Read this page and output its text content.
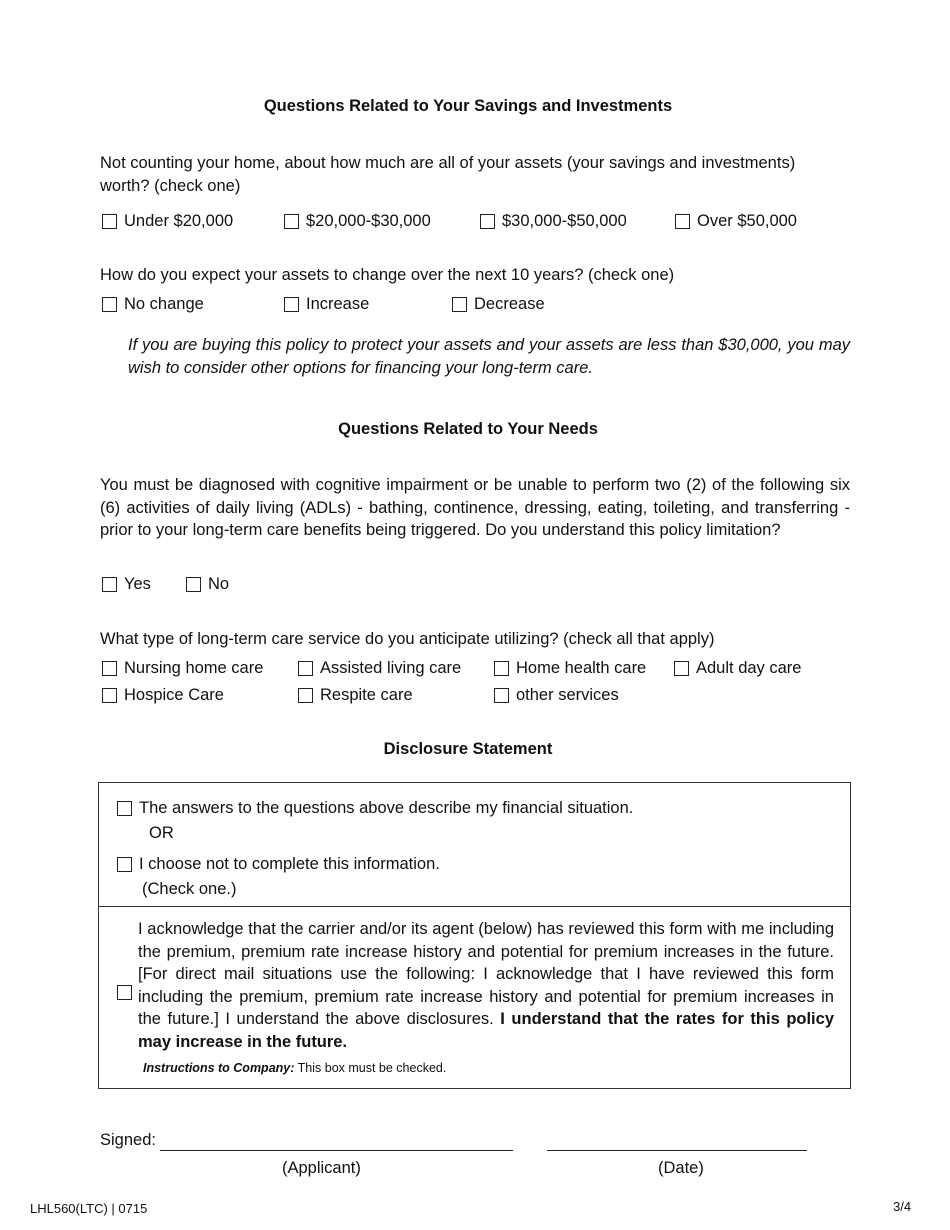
Questions Related to Your Savings and Investments
Not counting your home, about how much are all of your assets (your savings and investments) worth? (check one)
Under $20,000	$20,000-$30,000	$30,000-$50,000	Over $50,000
How do you expect your assets to change over the next 10 years? (check one)
No change	Increase	Decrease
If you are buying this policy to protect your assets and your assets are less than $30,000, you may wish to consider other options for financing your long-term care.
Questions Related to Your Needs
You must be diagnosed with cognitive impairment or be unable to perform two (2) of the following six (6) activities of daily living (ADLs) - bathing, continence, dressing, eating, toileting, and transferring - prior to your long-term care benefits being triggered. Do you understand this policy limitation?
Yes	No
What type of long-term care service do you anticipate utilizing? (check all that apply)
Nursing home care	Assisted living care	Home health care	Adult day care
Hospice Care	Respite care	other services
Disclosure Statement
The answers to the questions above describe my financial situation.
OR
I choose not to complete this information.
(Check one.)
I acknowledge that the carrier and/or its agent (below) has reviewed this form with me including the premium, premium rate increase history and potential for premium increases in the future. [For direct mail situations use the following: I acknowledge that I have reviewed this form including the premium, premium rate increase history and potential for premium increases in the future.] I understand the above disclosures. I understand that the rates for this policy may increase in the future.
Instructions to Company: This box must be checked.
Signed:
(Applicant)	(Date)
LHL560(LTC) | 0715	3/4
